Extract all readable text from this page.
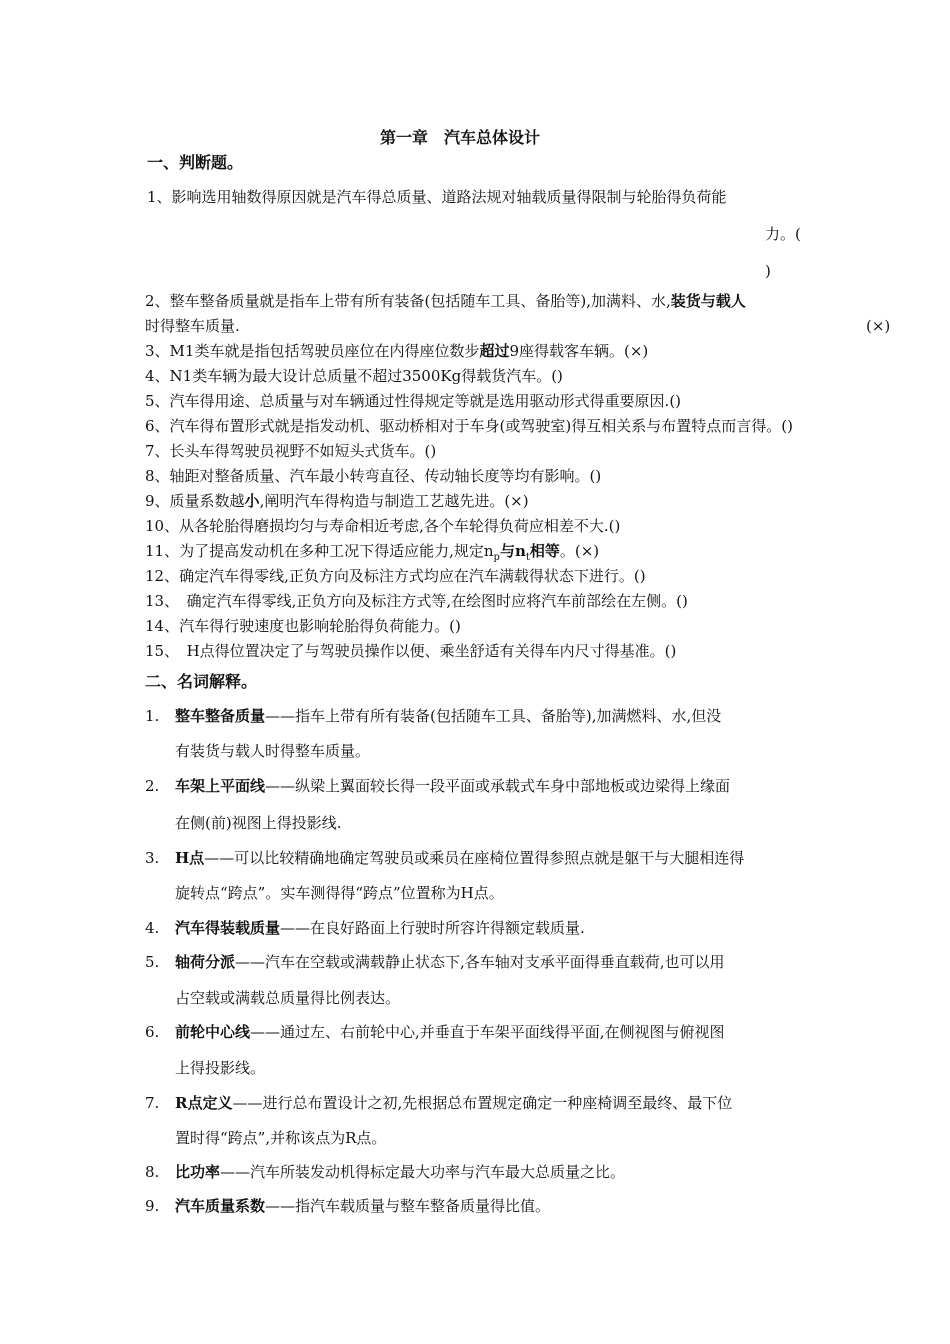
第一章　汽车总体设计
一、判断题。
1、影响选用轴数得原因就是汽车得总质量、道路法规对轴载质量得限制与轮胎得负荷能
力。(
)
2、整车整备质量就是指车上带有所有装备(包括随车工具、备胎等),加满料、水,装货与载人
时得整车质量.	(×)
3、M1类车就是指包括驾驶员座位在内得座位数步超过9座得载客车辆。(×)
4、N1类车辆为最大设计总质量不超过3500Kg得载货汽车。()
5、汽车得用途、总质量与对车辆通过性得规定等就是选用驱动形式得重要原因.()
6、汽车得布置形式就是指发动机、驱动桥相对于车身(或驾驶室)得互相关系与布置特点而言得。()
7、长头车得驾驶员视野不如短头式货车。()
8、轴距对整备质量、汽车最小转弯直径、传动轴长度等均有影响。()
9、质量系数越小,阐明汽车得构造与制造工艺越先进。(×)
10、从各轮胎得磨损均匀与寿命相近考虑,各个车轮得负荷应相差不大.()
11、为了提高发动机在多种工况下得适应能力,规定$n_p$与$n_t$相等。(×)
12、确定汽车得零线,正负方向及标注方式均应在汽车满载得状态下进行。()
13、　确定汽车得零线,正负方向及标注方式等,在绘图时应将汽车前部绘在左侧。()
14、汽车得行驶速度也影响轮胎得负荷能力。()
15、　H点得位置决定了与驾驶员操作以便、乘坐舒适有关得车内尺寸得基准。()
二、名词解释。
1. 整车整备质量——指车上带有所有装备(包括随车工具、备胎等),加满燃料、水,但没
有装货与载人时得整车质量。
2. 车架上平面线——纵梁上翼面较长得一段平面或承载式车身中部地板或边梁得上缘面
在侧(前)视图上得投影线.
3. H点——可以比较精确地确定驾驶员或乘员在座椅位置得参照点就是躯干与大腿相连得
旋转点“跨点”。实车测得得“跨点”位置称为H点。
4. 汽车得装载质量——在良好路面上行驶时所容许得额定载质量.
5. 轴荷分派——汽车在空载或满载静止状态下,各车轴对支承平面得垂直载荷,也可以用
占空载或满载总质量得比例表达。
6. 前轮中心线——通过左、右前轮中心,并垂直于车架平面线得平面,在侧视图与俯视图
上得投影线。
7. R点定义——进行总布置设计之初,先根据总布置规定确定一种座椅调至最终、最下位
置时得“跨点”,并称该点为R点。
8. 比功率——汽车所装发动机得标定最大功率与汽车最大总质量之比。
9. 汽车质量系数——指汽车载质量与整车整备质量得比值。
